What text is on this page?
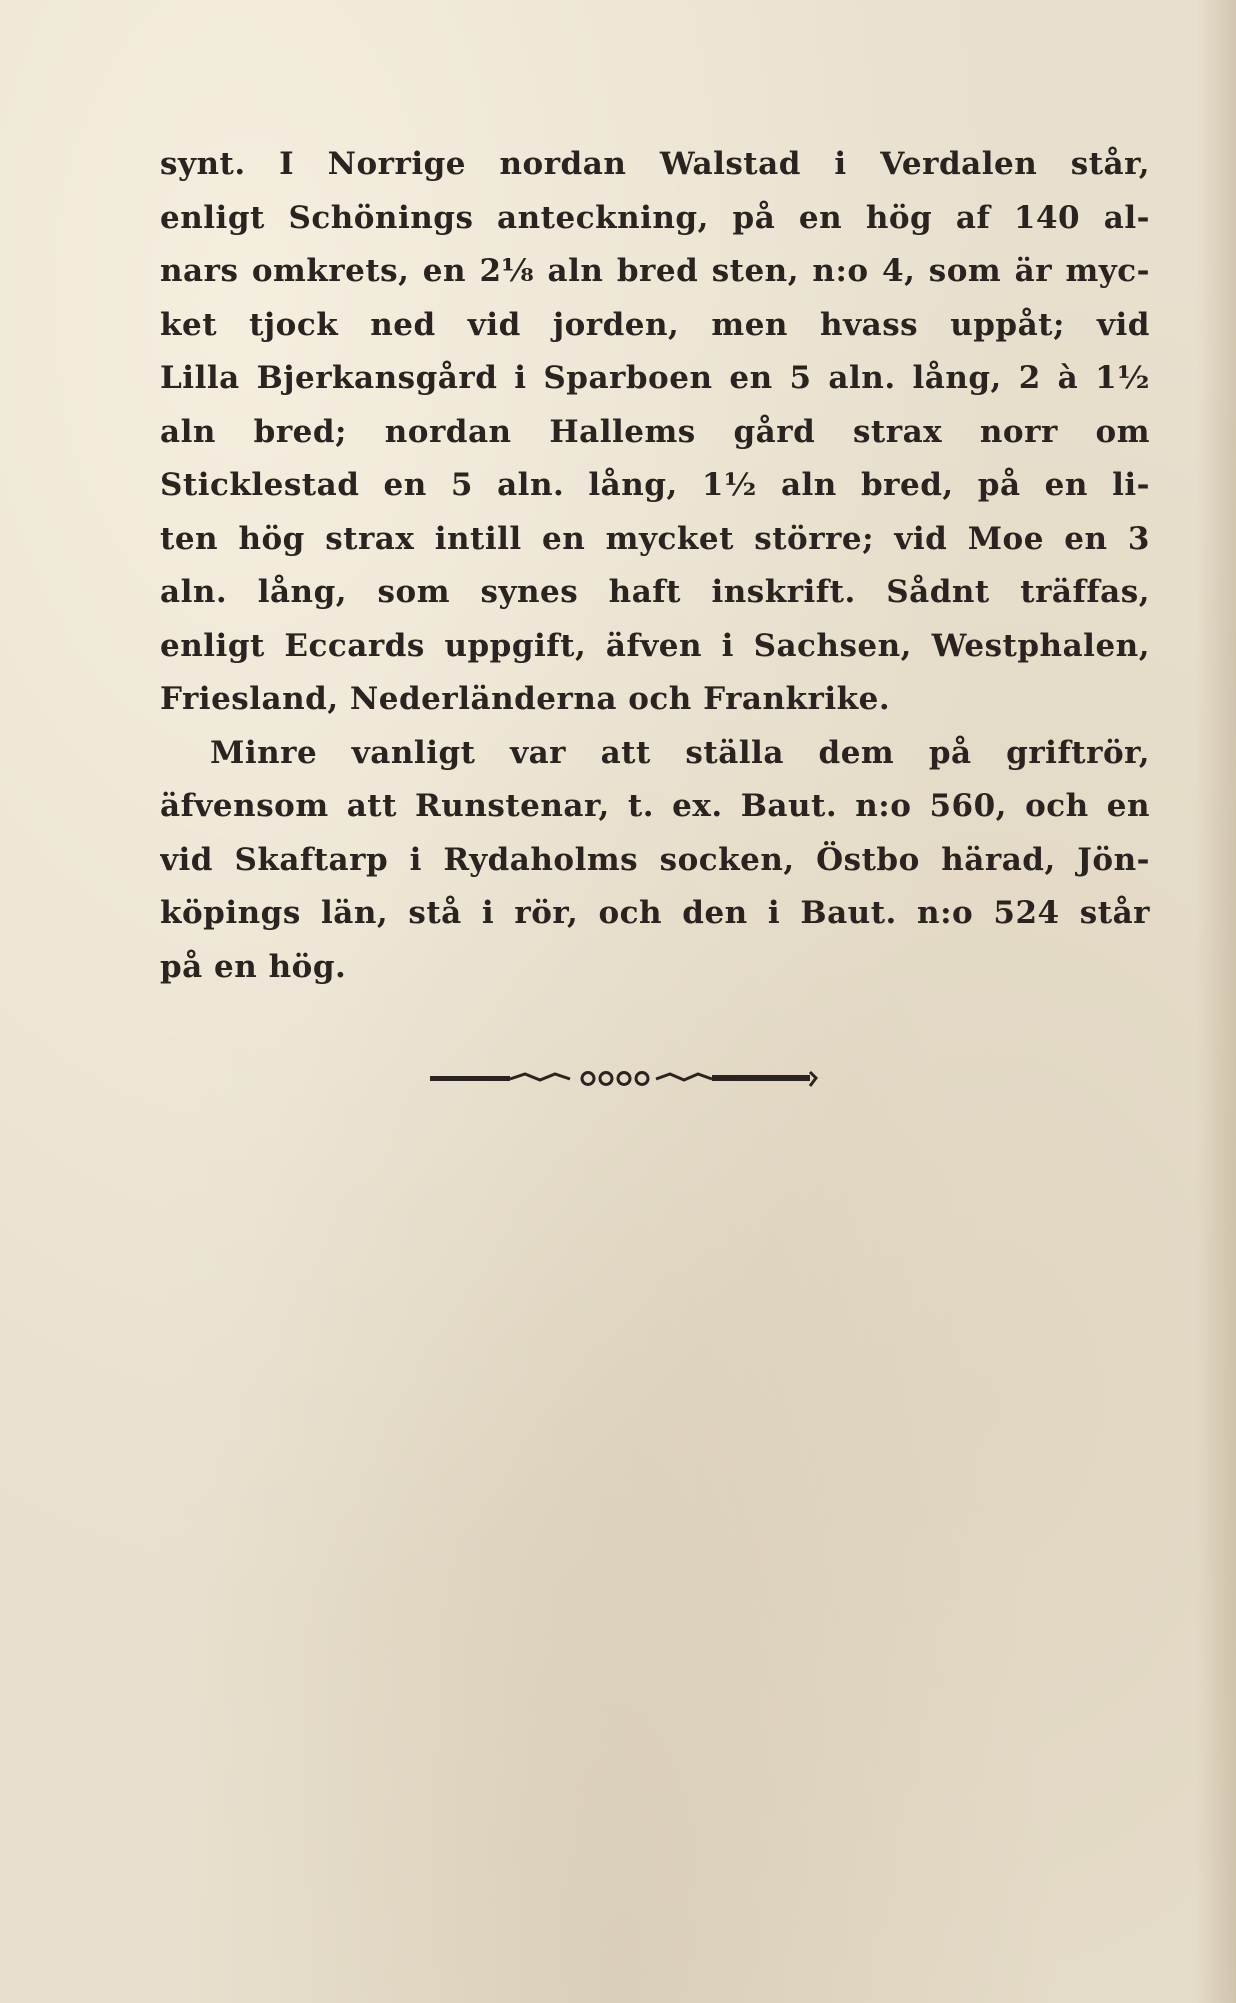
synt. I Norrige nordan Walstad i Verdalen står,
enligt Schönings anteckning, på en hög af 140 al-
nars omkrets, en 2⅛ aln bred sten, n:o 4, som är myc-
ket tjock ned vid jorden, men hvass uppåt; vid
Lilla Bjerkansgård i Sparboen en 5 aln. lång, 2 à 1½
aln bred; nordan Hallems gård strax norr om
Sticklestad en 5 aln. lång, 1½ aln bred, på en li-
ten hög strax intill en mycket större; vid Moe en 3
aln. lång, som synes haft inskrift. Sådnt träffas,
enligt Eccards uppgift, äfven i Sachsen, Westphalen,
Friesland, Nederländerna och Frankrike.
Minre vanligt var att ställa dem på griftrör,
äfvensom att Runstenar, t. ex. Baut. n:o 560, och en
vid Skaftarp i Rydaholms socken, Östbo härad, Jön-
köpings län, stå i rör, och den i Baut. n:o 524 står
på en hög.
